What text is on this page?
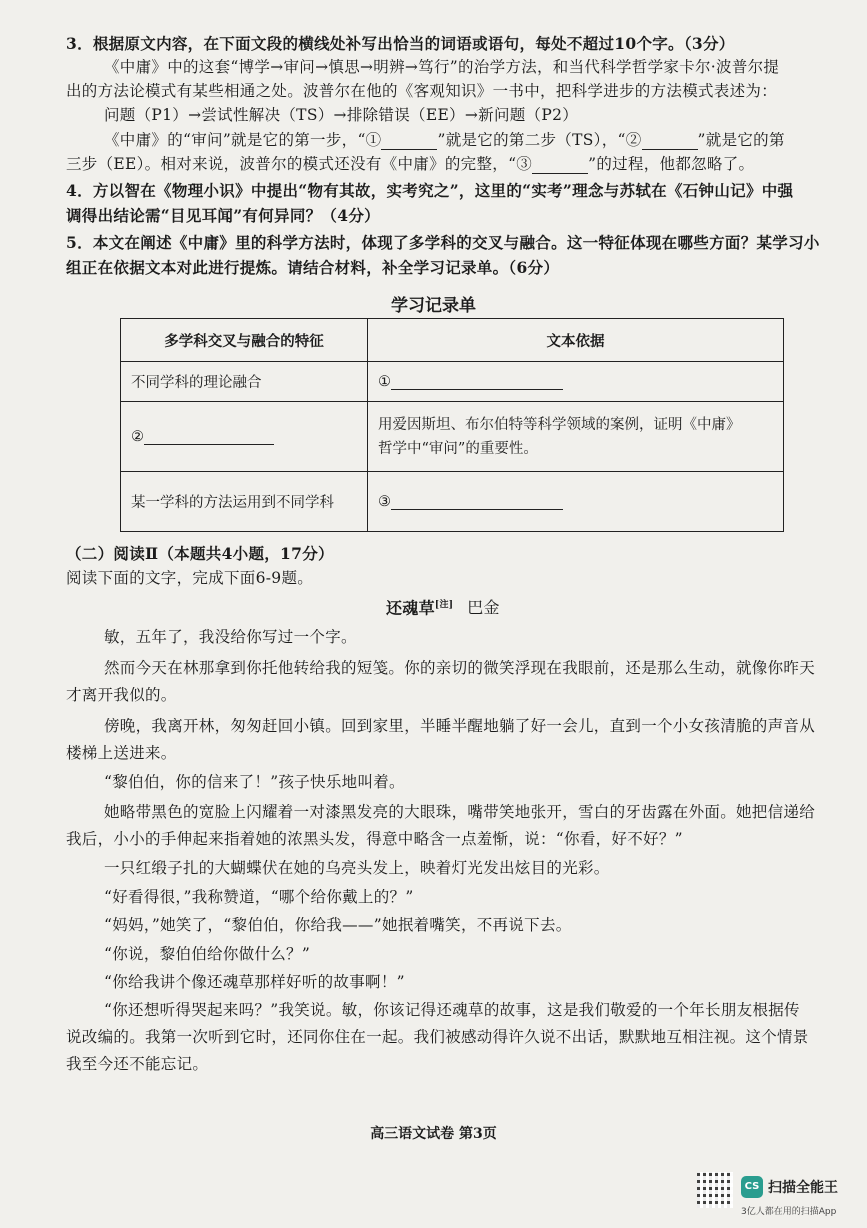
3．根据原文内容，在下面文段的横线处补写出恰当的词语或语句，每处不超过10个字。（3分）
《中庸》中的这套“博学→审问→慎思→明辨→笃行”的治学方法，和当代科学哲学家卡尔·波普尔提
出的方法论模式有某些相通之处。波普尔在他的《客观知识》一书中，把科学进步的方法模式表述为：
问题（P1）→尝试性解决（TS）→排除错误（EE）→新问题（P2）
《中庸》的“审问”就是它的第一步，“①	”就是它的第二步（TS），“②	”就是它的第
三步（EE）。相对来说，波普尔的模式还没有《中庸》的完整，“③	”的过程，他都忽略了。
4．方以智在《物理小识》中提出“物有其故，实考究之”，这里的“实考”理念与苏轼在《石钟山记》中强
调得出结论需“目见耳闻”有何异同？（4分）
5．本文在阐述《中庸》里的科学方法时，体现了多学科的交叉与融合。这一特征体现在哪些方面？某学习小
组正在依据文本对此进行提炼。请结合材料，补全学习记录单。（6分）
学习记录单
多学科交叉与融合的特征	文本依据
不同学科的理论融合	①
②	用爱因斯坦、布尔伯特等科学领域的案例，证明《中庸》
哲学中“审问”的重要性。

某一学科的方法运用到不同学科	③
（二）阅读Ⅱ（本题共4小题，17分）
阅读下面的文字，完成下面6-9题。
还魂草[注] 巴金
敏，五年了，我没给你写过一个字。
然而今天在林那拿到你托他转给我的短笺。你的亲切的微笑浮现在我眼前，还是那么生动，就像你昨天
才离开我似的。
傍晚，我离开林，匆匆赶回小镇。回到家里，半睡半醒地躺了好一会儿，直到一个小女孩清脆的声音从
楼梯上送进来。
“黎伯伯，你的信来了！”孩子快乐地叫着。
她略带黑色的宽脸上闪耀着一对漆黑发亮的大眼珠，嘴带笑地张开，雪白的牙齿露在外面。她把信递给
我后，小小的手伸起来指着她的浓黑头发，得意中略含一点羞惭，说：“你看，好不好？”
一只红缎子扎的大蝴蝶伏在她的乌亮头发上，映着灯光发出炫目的光彩。
“好看得很，”我称赞道，“哪个给你戴上的？”
“妈妈，”她笑了，“黎伯伯，你给我——”她抿着嘴笑，不再说下去。
“你说，黎伯伯给你做什么？”
“你给我讲个像还魂草那样好听的故事啊！”
“你还想听得哭起来吗？”我笑说。敏，你该记得还魂草的故事，这是我们敬爱的一个年长朋友根据传
说改编的。我第一次听到它时，还同你住在一起。我们被感动得许久说不出话，默默地互相注视。这个情景
我至今还不能忘记。
高三语文试卷 第3页
CS 扫描全能王
3亿人都在用的扫描App
